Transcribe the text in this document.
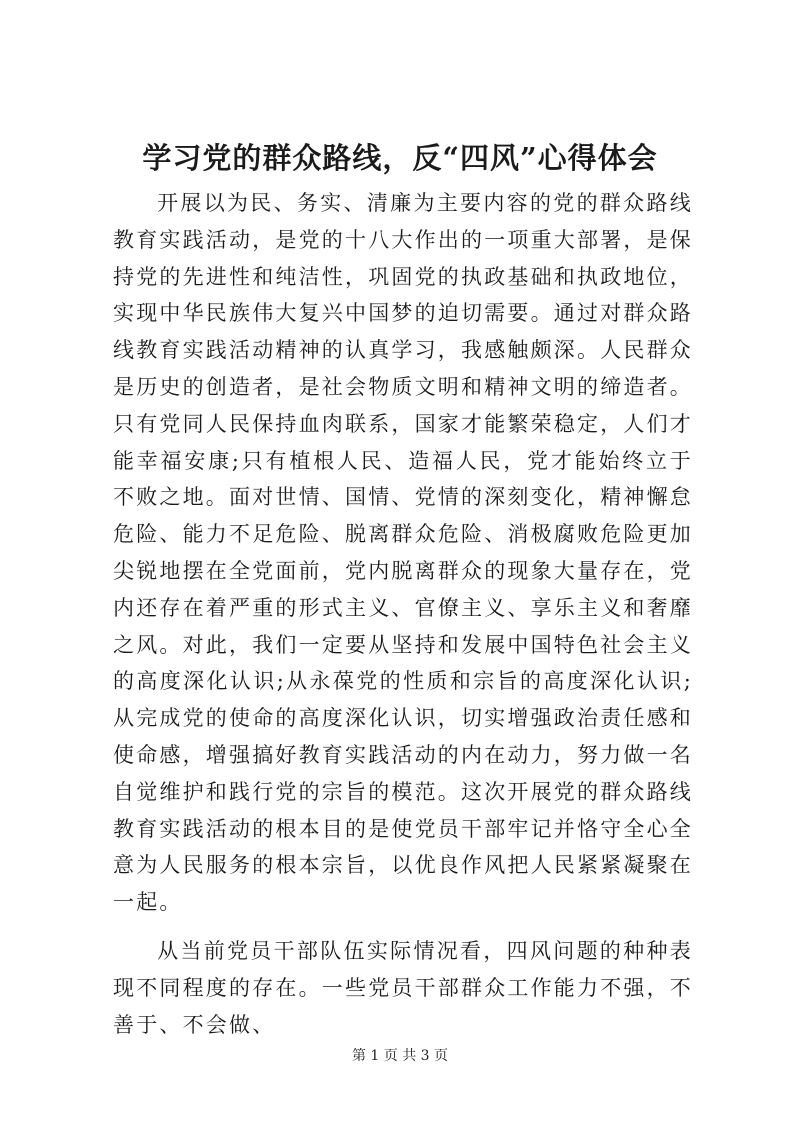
学习党的群众路线，反“四风”心得体会

开展以为民、务实、清廉为主要内容的党的群众路线教育实践活动，是党的十八大作出的一项重大部署，是保持党的先进性和纯洁性，巩固党的执政基础和执政地位，实现中华民族伟大复兴中国梦的迫切需要。通过对群众路线教育实践活动精神的认真学习，我感触颇深。人民群众是历史的创造者，是社会物质文明和精神文明的缔造者。只有党同人民保持血肉联系，国家才能繁荣稳定，人们才能幸福安康;只有植根人民、造福人民，党才能始终立于不败之地。面对世情、国情、党情的深刻变化，精神懈怠危险、能力不足危险、脱离群众危险、消极腐败危险更加尖锐地摆在全党面前，党内脱离群众的现象大量存在，党内还存在着严重的形式主义、官僚主义、享乐主义和奢靡之风。对此，我们一定要从坚持和发展中国特色社会主义的高度深化认识;从永葆党的性质和宗旨的高度深化认识;从完成党的使命的高度深化认识，切实增强政治责任感和使命感，增强搞好教育实践活动的内在动力，努力做一名自觉维护和践行党的宗旨的模范。这次开展党的群众路线教育实践活动的根本目的是使党员干部牢记并恪守全心全意为人民服务的根本宗旨，以优良作风把人民紧紧凝聚在一起。

从当前党员干部队伍实际情况看，四风问题的种种表现不同程度的存在。一些党员干部群众工作能力不强，不善于、不会做、

第 1 页 共 3 页
